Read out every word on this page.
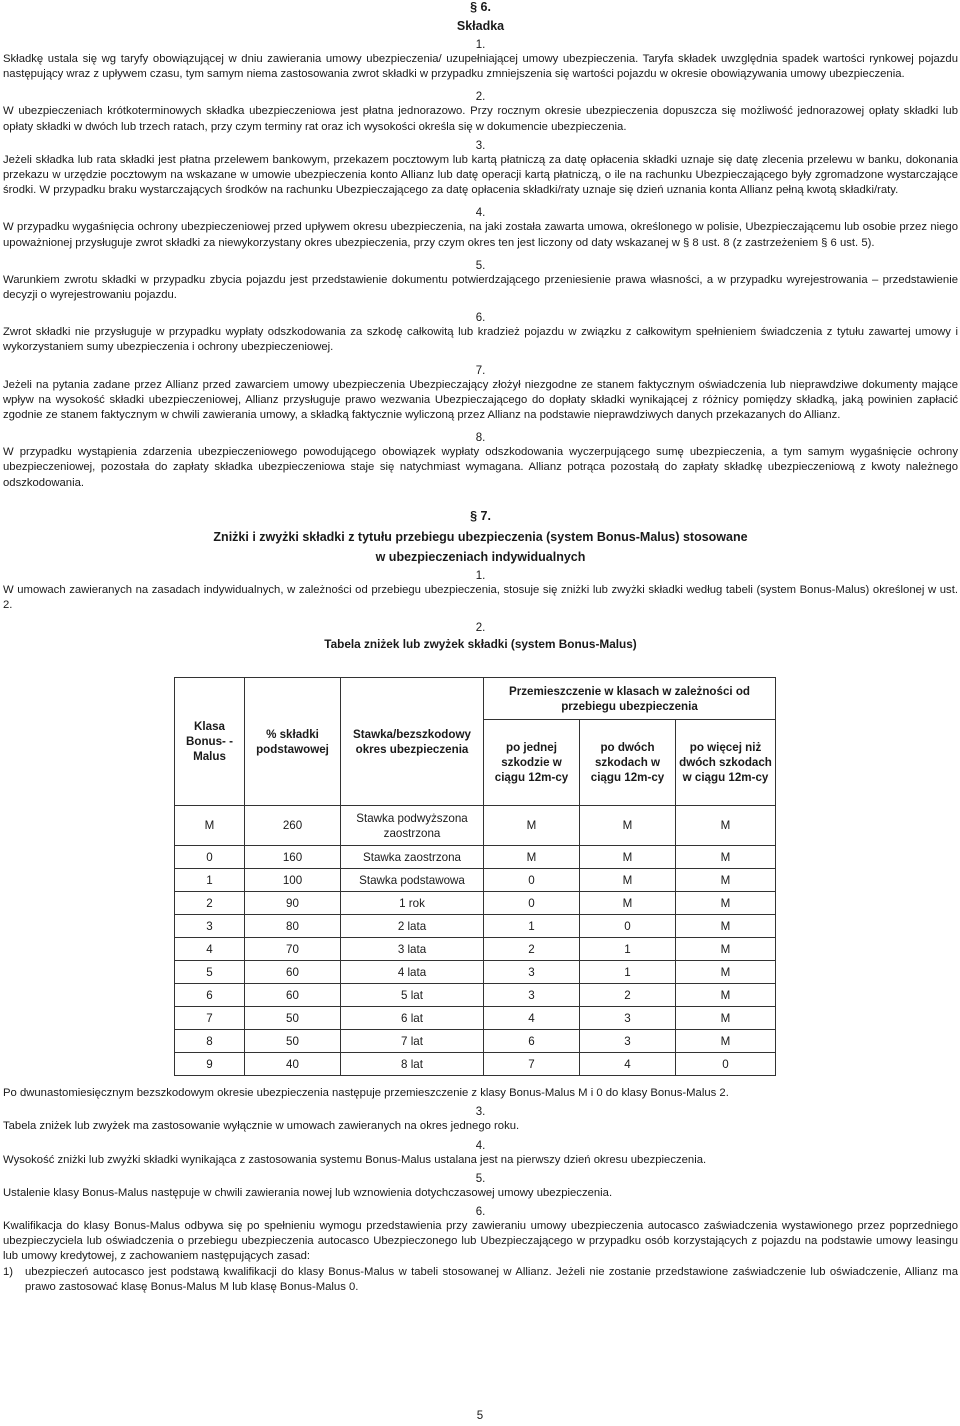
§ 6.
Składka
1.

Składkę ustala się wg taryfy obowiązującej w dniu zawierania umowy ubezpieczenia/ uzupełniającej umowy ubezpieczenia. Taryfa składek uwzględnia spadek wartości rynkowej pojazdu następujący wraz z upływem czasu, tym samym niema zastosowania zwrot składki w przypadku zmniejszenia się wartości pojazdu w okresie obowiązywania umowy ubezpieczenia.

2.

W ubezpieczeniach krótkoterminowych składka ubezpieczeniowa jest płatna jednorazowo. Przy rocznym okresie ubezpieczenia dopuszcza się możliwość jednorazowej opłaty składki lub opłaty składki w dwóch lub trzech ratach, przy czym terminy rat oraz ich wysokości określa się w dokumencie ubezpieczenia.

3.

Jeżeli składka lub rata składki jest płatna przelewem bankowym, przekazem pocztowym lub kartą płatniczą za datę opłacenia składki uznaje się datę zlecenia przelewu w banku, dokonania przekazu w urzędzie pocztowym na wskazane w umowie ubezpieczenia konto Allianz lub datę operacji kartą płatniczą, o ile na rachunku Ubezpieczającego były zgromadzone wystarczające środki. W przypadku braku wystarczających środków na rachunku Ubezpieczającego za datę opłacenia składki/raty uznaje się dzień uznania konta Allianz pełną kwotą składki/raty.

4.

W przypadku wygaśnięcia ochrony ubezpieczeniowej przed upływem okresu ubezpieczenia, na jaki została zawarta umowa, określonego w polisie, Ubezpieczającemu lub osobie przez niego upoważnionej przysługuje zwrot składki za niewykorzystany okres ubezpieczenia, przy czym okres ten jest liczony od daty wskazanej w § 8 ust. 8 (z zastrzeżeniem § 6 ust. 5).

5.

Warunkiem zwrotu składki w przypadku zbycia pojazdu jest przedstawienie dokumentu potwierdzającego przeniesienie prawa własności, a w przypadku wyrejestrowania – przedstawienie decyzji o wyrejestrowaniu pojazdu.

6.

Zwrot składki nie przysługuje w przypadku wypłaty odszkodowania za szkodę całkowitą lub kradzież pojazdu w związku z całkowitym spełnieniem świadczenia z tytułu zawartej umowy i wykorzystaniem sumy ubezpieczenia i ochrony ubezpieczeniowej.

7.

Jeżeli na pytania zadane przez Allianz przed zawarciem umowy ubezpieczenia Ubezpieczający złożył niezgodne ze stanem faktycznym oświadczenia lub nieprawdziwe dokumenty mające wpływ na wysokość składki ubezpieczeniowej, Allianz przysługuje prawo wezwania Ubezpieczającego do dopłaty składki wynikającej z różnicy pomiędzy składką, jaką powinien zapłacić zgodnie ze stanem faktycznym w chwili zawierania umowy, a składką faktycznie wyliczoną przez Allianz na podstawie nieprawdziwych danych przekazanych do Allianz.

8.

W przypadku wystąpienia zdarzenia ubezpieczeniowego powodującego obowiązek wypłaty odszkodowania wyczerpującego sumę ubezpieczenia, a tym samym wygaśnięcie ochrony ubezpieczeniowej, pozostała do zapłaty składka ubezpieczeniowa staje się natychmiast wymagana. Allianz potrąca pozostałą do zapłaty składkę ubezpieczeniową z kwoty należnego odszkodowania.

§ 7.
Zniżki i zwyżki składki z tytułu przebiegu ubezpieczenia (system Bonus-Malus) stosowane
w ubezpieczeniach indywidualnych
1.

W umowach zawieranych na zasadach indywidualnych, w zależności od przebiegu ubezpieczenia, stosuje się zniżki lub zwyżki składki według tabeli (system Bonus-Malus) określonej w ust. 2.

2.
Tabela zniżek lub zwyżek składki (system Bonus-Malus)
Klasa Bonus- -Malus	% składki podstawowej	Stawka/bezszkodowy okres ubezpieczenia	Przemieszczenie w klasach w zależności od przebiegu ubezpieczenia		
			po jednej szkodzie w ciągu 12m-cy	po dwóch szkodach w ciągu 12m-cy	po więcej niż dwóch szkodach w ciągu 12m-cy
M	260	Stawka podwyższona zaostrzona	M	M	M
0	160	Stawka zaostrzona	M	M	M
1	100	Stawka podstawowa	0	M	M
2	90	1 rok	0	M	M
3	80	2 lata	1	0	M
4	70	3 lata	2	1	M
5	60	4 lata	3	1	M
6	60	5 lat	3	2	M
7	50	6 lat	4	3	M
8	50	7 lat	6	3	M
9	40	8 lat	7	4	0

Po dwunastomiesięcznym bezszkodowym okresie ubezpieczenia następuje przemieszczenie z klasy Bonus-Malus M i 0 do klasy Bonus-Malus 2.

3.

Tabela zniżek lub zwyżek ma zastosowanie wyłącznie w umowach zawieranych na okres jednego roku.

4.

Wysokość zniżki lub zwyżki składki wynikająca z zastosowania systemu Bonus-Malus ustalana jest na pierwszy dzień okresu ubezpieczenia.

5.

Ustalenie klasy Bonus-Malus następuje w chwili zawierania nowej lub wznowienia dotychczasowej umowy ubezpieczenia.

6.

Kwalifikacja do klasy Bonus-Malus odbywa się po spełnieniu wymogu przedstawienia przy zawieraniu umowy ubezpieczenia autocasco zaświadczenia wystawionego przez poprzedniego ubezpieczyciela lub oświadczenia o przebiegu ubezpieczenia autocasco Ubezpieczonego lub Ubezpieczającego w przypadku osób korzystających z pojazdu na podstawie umowy leasingu lub umowy kredytowej, z zachowaniem następujących zasad:

1)	ubezpieczeń autocasco jest podstawą kwalifikacji do klasy Bonus-Malus w tabeli stosowanej w Allianz. Jeżeli nie zostanie przedstawione zaświadczenie lub oświadczenie, Allianz ma prawo zastosować klasę Bonus-Malus M lub klasę Bonus-Malus 0.
5
